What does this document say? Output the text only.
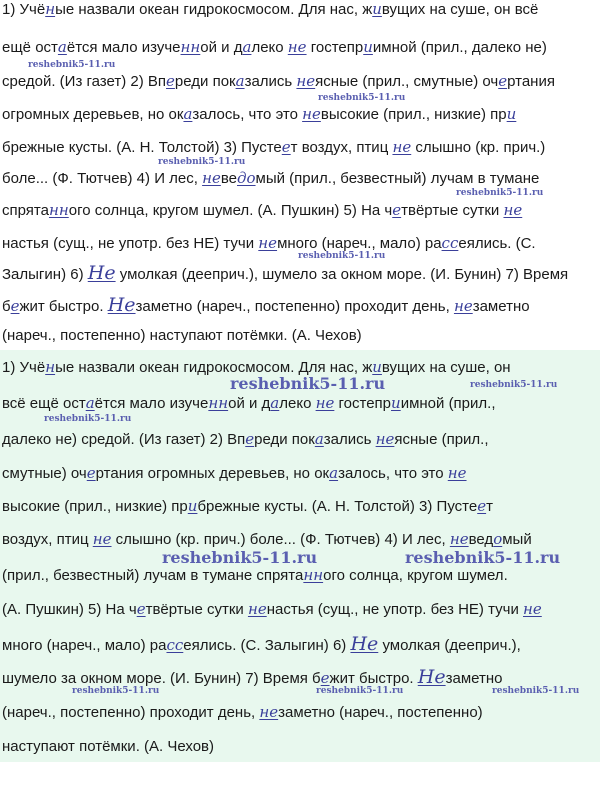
1) Учёные назвали океан гидрокосмосом. Для нас, живущих на суше, он всё
ещё остаётся мало изученной и далеко не гостеприимной (прил., далеко не)
средой. (Из газет) 2) Впереди показались неясные (прил., смутные) очертания
огромных деревьев, но оказалось, что это невысокие (прил., низкие) при
брежные кусты. (А. Н. Толстой) 3) Пустеет воздух, птиц не слышно (кр. прич.)
боле... (Ф. Тютчев) 4) И лес, неведомый (прил., безвестный) лучам в тумане
спрятанного солнца, кругом шумел. (А. Пушкин) 5) На четвёртые сутки не
настья (сущ., не употр. без НЕ) тучи немного (нареч., мало) рассеялись. (С.
Залыгин) 6) Не умолкая (дееприч.), шумело за окном море. (И. Бунин) 7) Время
бежит быстро. Незаметно (нареч., постепенно) проходит день, незаметно
(нареч., постепенно) наступают потёмки. (А. Чехов)
reshebnik5-11.ru
reshebnik5-11.ru
reshebnik5-11.ru
reshebnik5-11.ru
reshebnik5-11.ru
1) Учёные назвали океан гидрокосмосом. Для нас, живущих на суше, он
всё ещё остаётся мало изученной и далеко не гостеприимной (прил.,
далеко не) средой. (Из газет) 2) Впереди показались неясные (прил.,
смутные) очертания огромных деревьев, но оказалось, что это не
высокие (прил., низкие) прибрежные кусты. (А. Н. Толстой) 3) Пустеет
воздух, птиц не слышно (кр. прич.) боле... (Ф. Тютчев) 4) И лес, неведомый
(прил., безвестный) лучам в тумане спрятанного солнца, кругом шумел.
(А. Пушкин) 5) На четвёртые сутки ненастья (сущ., не употр. без НЕ) тучи не
много (нареч., мало) рассеялись. (С. Залыгин) 6) Не умолкая (дееприч.),
шумело за окном море. (И. Бунин) 7) Время бежит быстро. Незаметно
(нареч., постепенно) проходит день, незаметно (нареч., постепенно)
наступают потёмки. (А. Чехов)
reshebnik5-11.ru	reshebnik5-11.ru
reshebnik5-11.ru
reshebnik5-11.ru	reshebnik5-11.ru
reshebnik5-11.ru	reshebnik5-11.ru	reshebnik5-11.ru
